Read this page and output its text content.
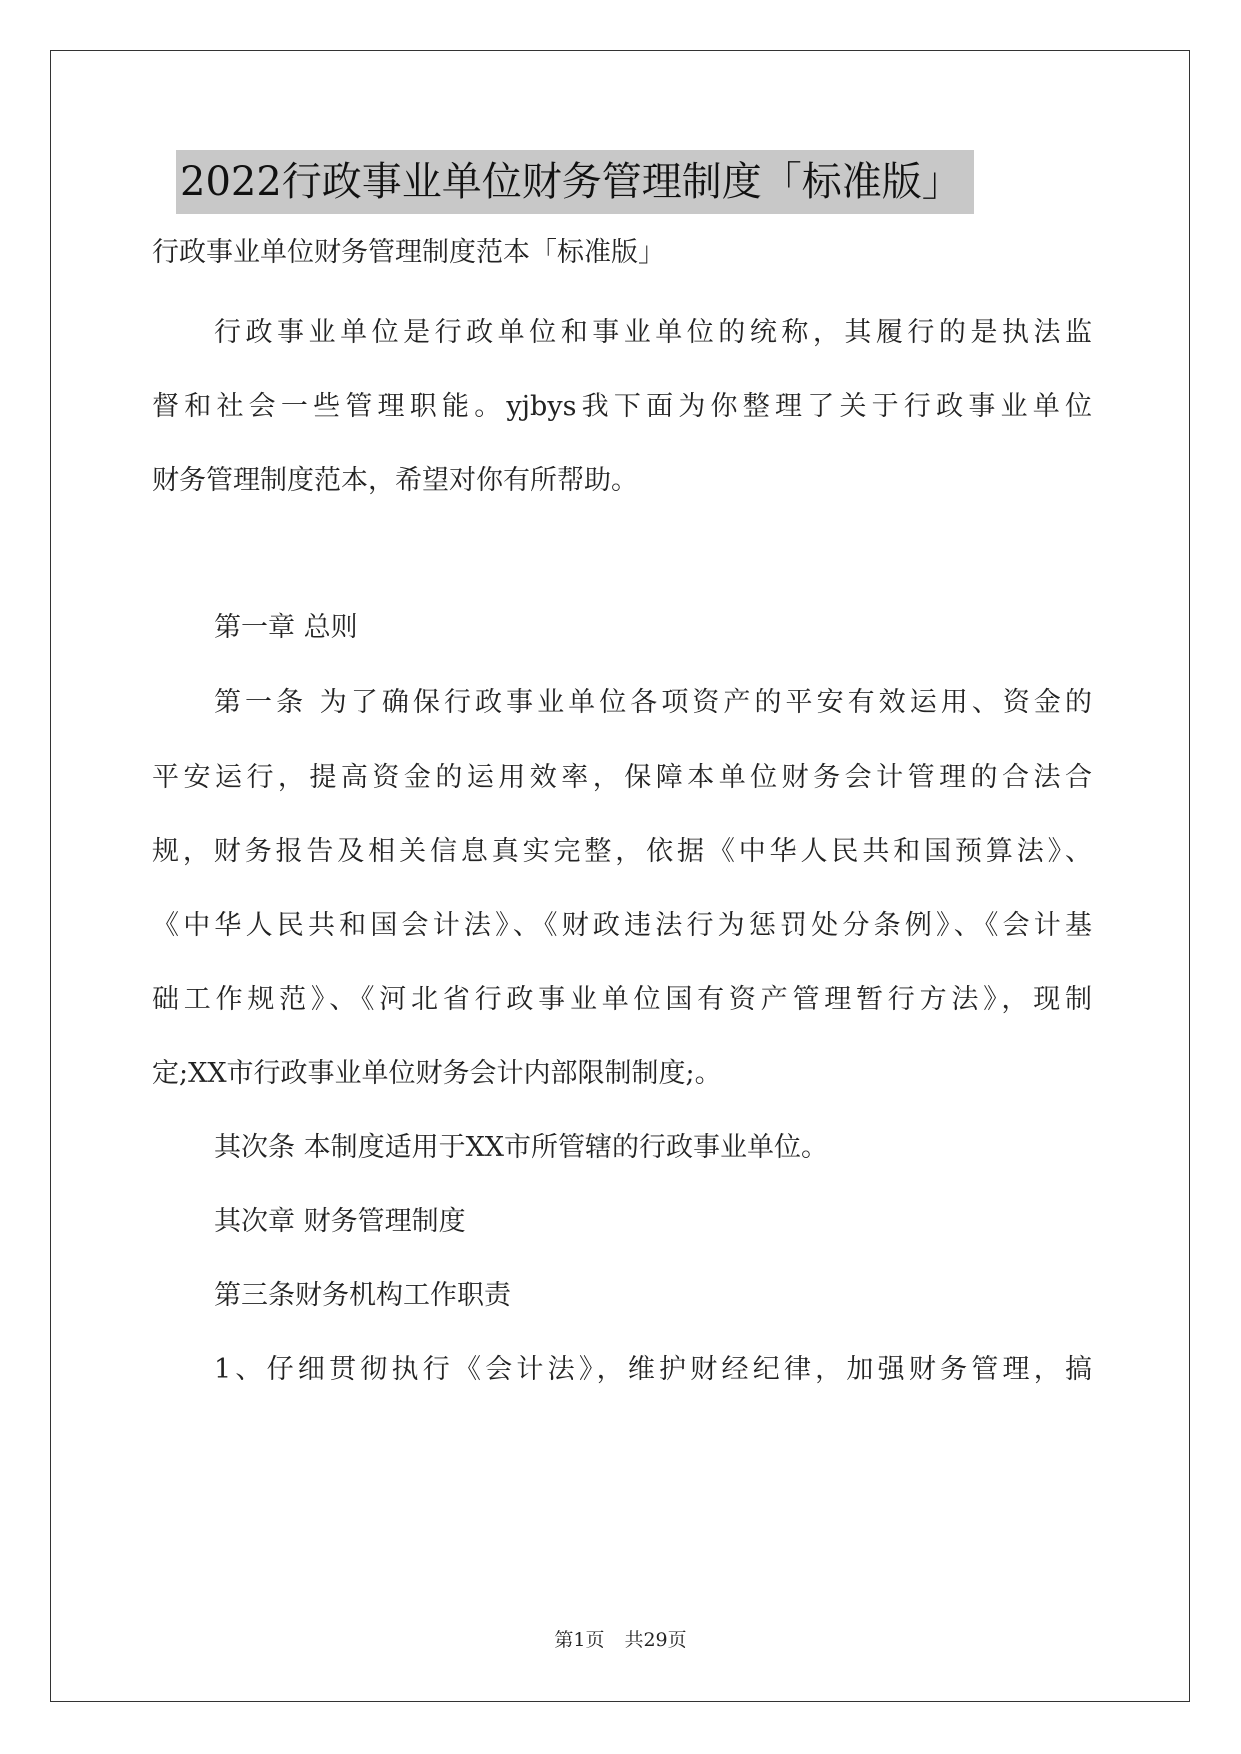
2022行政事业单位财务管理制度「标准版」
行政事业单位财务管理制度范本「标准版」
行政事业单位是行政单位和事业单位的统称，其履行的是执法监
督和社会一些管理职能。yjbys我下面为你整理了关于行政事业单位
财务管理制度范本，希望对你有所帮助。
第一章 总则
第一条 为了确保行政事业单位各项资产的平安有效运用、资金的
平安运行，提高资金的运用效率，保障本单位财务会计管理的合法合
规，财务报告及相关信息真实完整，依据《中华人民共和国预算法》、
《中华人民共和国会计法》、《财政违法行为惩罚处分条例》、《会计基
础工作规范》、《河北省行政事业单位国有资产管理暂行方法》，现制
定;XX市行政事业单位财务会计内部限制制度;。
其次条 本制度适用于XX市所管辖的行政事业单位。
其次章 财务管理制度
第三条财务机构工作职责
1、仔细贯彻执行《会计法》，维护财经纪律，加强财务管理，搞
第1页 共29页
